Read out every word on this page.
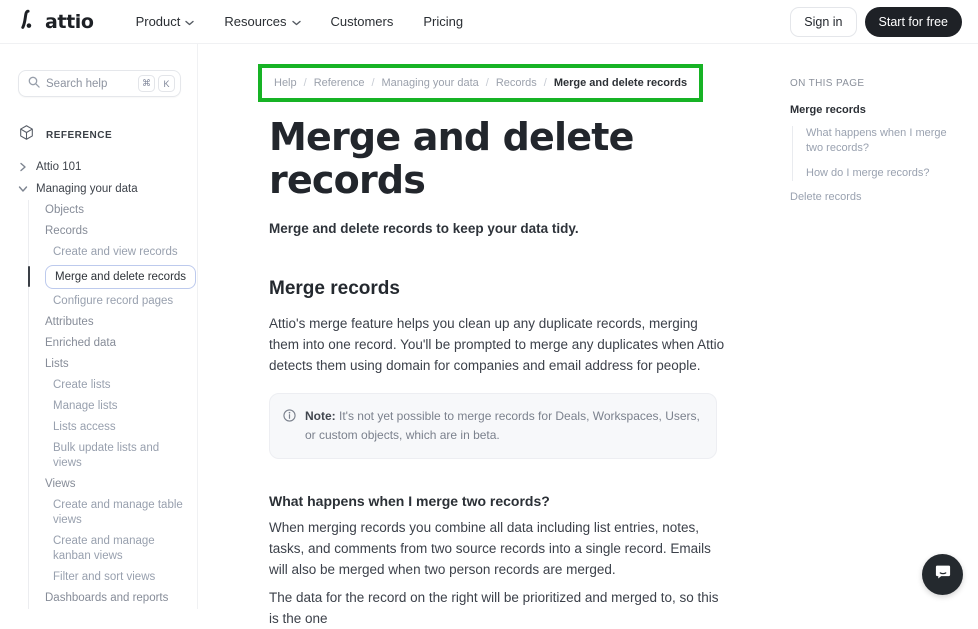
attio	Product	Resources	Customers Pricing	Sign in	Start for free
Search help	⌘	K
REFERENCE
Attio 101
Managing your data
Objects
Records
Create and view records
Merge and delete records
Configure record pages
Attributes
Enriched data
Lists
Create lists
Manage lists
Lists access
Bulk update lists and views
Views
Create and manage table views
Create and manage kanban views
Filter and sort views
Dashboards and reports
Help / Reference / Managing your data / Records / Merge and delete records
Merge and delete records
Merge and delete records to keep your data tidy.
Merge records

Attio's merge feature helps you clean up any duplicate records, merging them into one record. You'll be prompted to merge any duplicates when Attio detects them using domain for companies and email address for people.

Note: It's not yet possible to merge records for Deals, Workspaces, Users, or custom objects, which are in beta.
What happens when I merge two records?

When merging records you combine all data including list entries, notes, tasks, and comments from two source records into a single record. Emails will also be merged when two person records are merged.

The data for the record on the right will be prioritized and merged to, so this is the one

ON THIS PAGE
Merge records
What happens when I merge two records?
How do I merge records?
Delete records
